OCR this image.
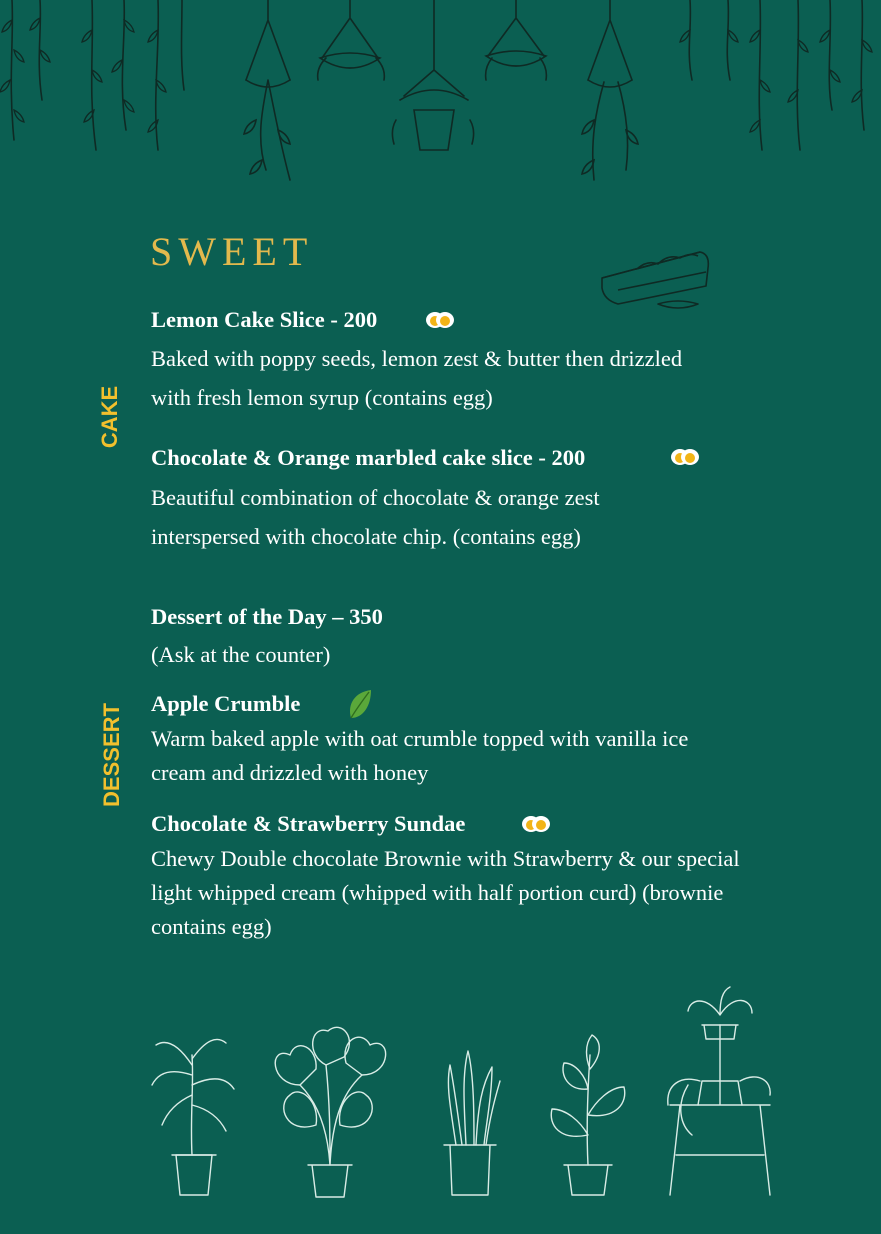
SWEET
CAKE
DESSERT
Lemon Cake Slice - 200
Baked with poppy seeds, lemon zest & butter then drizzled with fresh lemon syrup (contains egg)
Chocolate & Orange marbled cake slice - 200
Beautiful combination of chocolate & orange zest interspersed with chocolate chip. (contains egg)
Dessert of the Day – 350
(Ask at the counter)
Apple Crumble
Warm baked apple with oat crumble topped with vanilla ice cream and drizzled with honey
Chocolate & Strawberry Sundae
Chewy Double chocolate Brownie with Strawberry & our special light whipped cream (whipped with half portion curd) (brownie contains egg)
